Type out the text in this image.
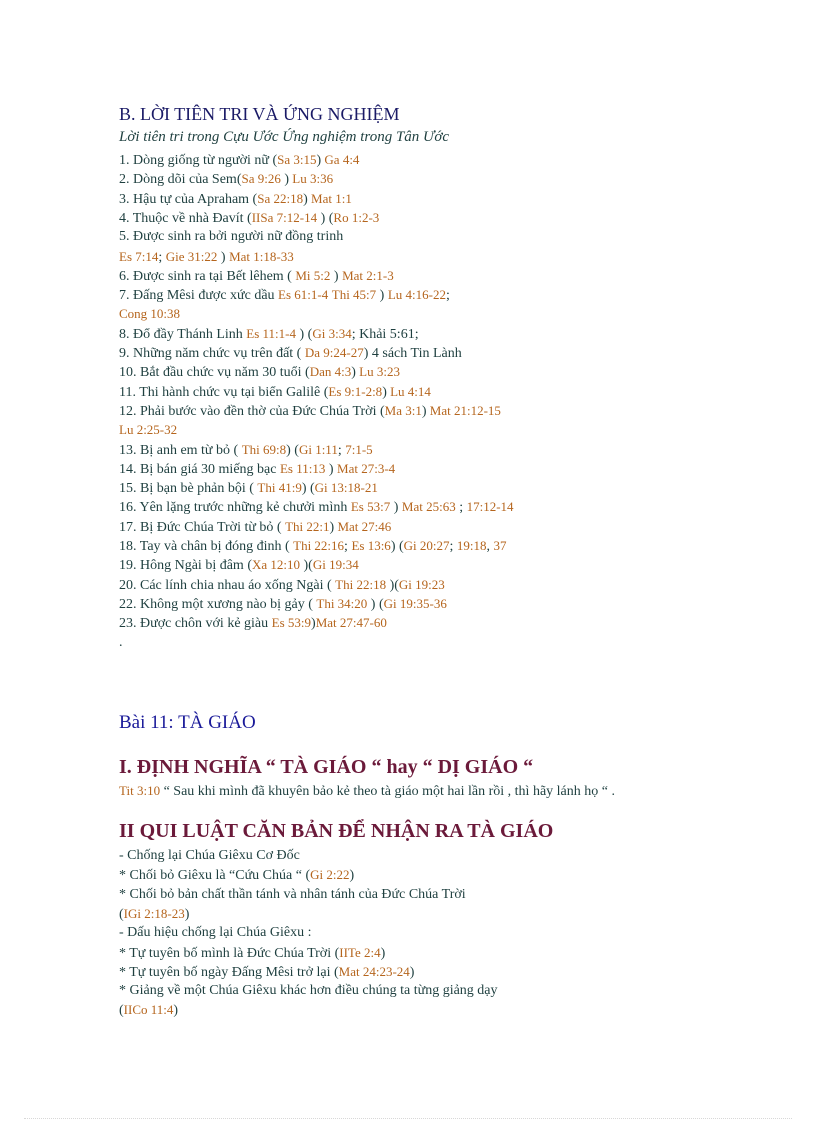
B. LỜI TIÊN TRI VÀ ỨNG NGHIỆM
Lời tiên tri trong Cựu Ước Ứng nghiệm trong Tân Ước
1. Dòng giống từ người nữ (Sa 3:15) Ga 4:4
2. Dòng dõi của Sem(Sa 9:26 ) Lu 3:36
3. Hậu tự của Apraham (Sa 22:18) Mat 1:1
4. Thuộc về nhà Đavít (IISa 7:12-14 ) (Ro 1:2-3
5. Được sinh ra bởi người nữ đồng trinh
Es 7:14; Gie 31:22 ) Mat 1:18-33
6. Được sinh ra tại Bết lêhem ( Mi 5:2 ) Mat 2:1-3
7. Đấng Mêsi được xức dầu Es 61:1-4 Thi 45:7 ) Lu 4:16-22;
Cong 10:38
8. Đổ đầy Thánh Linh Es 11:1-4 ) (Gi 3:34; Khải 5:61;
9. Những năm chức vụ trên đất ( Da 9:24-27) 4 sách Tin Lành
10. Bắt đầu chức vụ năm 30 tuổi (Dan 4:3) Lu 3:23
11. Thi hành chức vụ tại biển Galilê (Es 9:1-2:8) Lu 4:14
12. Phải bước vào đền thờ của Đức Chúa Trời (Ma 3:1) Mat 21:12-15
Lu 2:25-32
13. Bị anh em từ bỏ ( Thi 69:8) (Gi 1:11; 7:1-5
14. Bị bán giá 30 miếng bạc Es 11:13 ) Mat 27:3-4
15. Bị bạn bè phản bội ( Thi 41:9) (Gi 13:18-21
16. Yên lặng trước những kẻ chưởi mình Es 53:7 ) Mat 25:63 ; 17:12-14
17. Bị Đức Chúa Trời từ bỏ ( Thi 22:1) Mat 27:46
18. Tay và chân bị đóng đinh ( Thi 22:16; Es 13:6) (Gi 20:27; 19:18, 37
19. Hông Ngài bị đâm (Xa 12:10 )(Gi 19:34
20. Các lính chia nhau áo xống Ngài ( Thi 22:18 )(Gi 19:23
22. Không một xương nào bị gảy ( Thi 34:20 ) (Gi 19:35-36
23. Được chôn với kẻ giàu Es 53:9)Mat 27:47-60
.
Bài 11: TÀ GIÁO
I. ĐỊNH NGHĨA “ TÀ GIÁO “ hay “ DỊ GIÁO “
Tit 3:10 “ Sau khi mình đã khuyên bảo kẻ theo tà giáo một hai lần rồi , thì hãy lánh họ “ .
II QUI LUẬT CĂN BẢN ĐỂ NHẬN RA TÀ GIÁO
- Chống lại Chúa Giêxu Cơ Đốc
* Chối bỏ Giêxu là “Cứu Chúa “ (Gi 2:22)
* Chối bỏ bản chất thần tánh và nhân tánh của Đức Chúa Trời
(IGi 2:18-23)
- Dấu hiệu chống lại Chúa Giêxu :
* Tự tuyên bố mình là Đức Chúa Trời (IITe 2:4)
* Tự tuyên bố ngày Đấng Mêsi trở lại (Mat 24:23-24)
* Giảng về một Chúa Giêxu khác hơn điều chúng ta từng giảng dạy
(IICo 11:4)
